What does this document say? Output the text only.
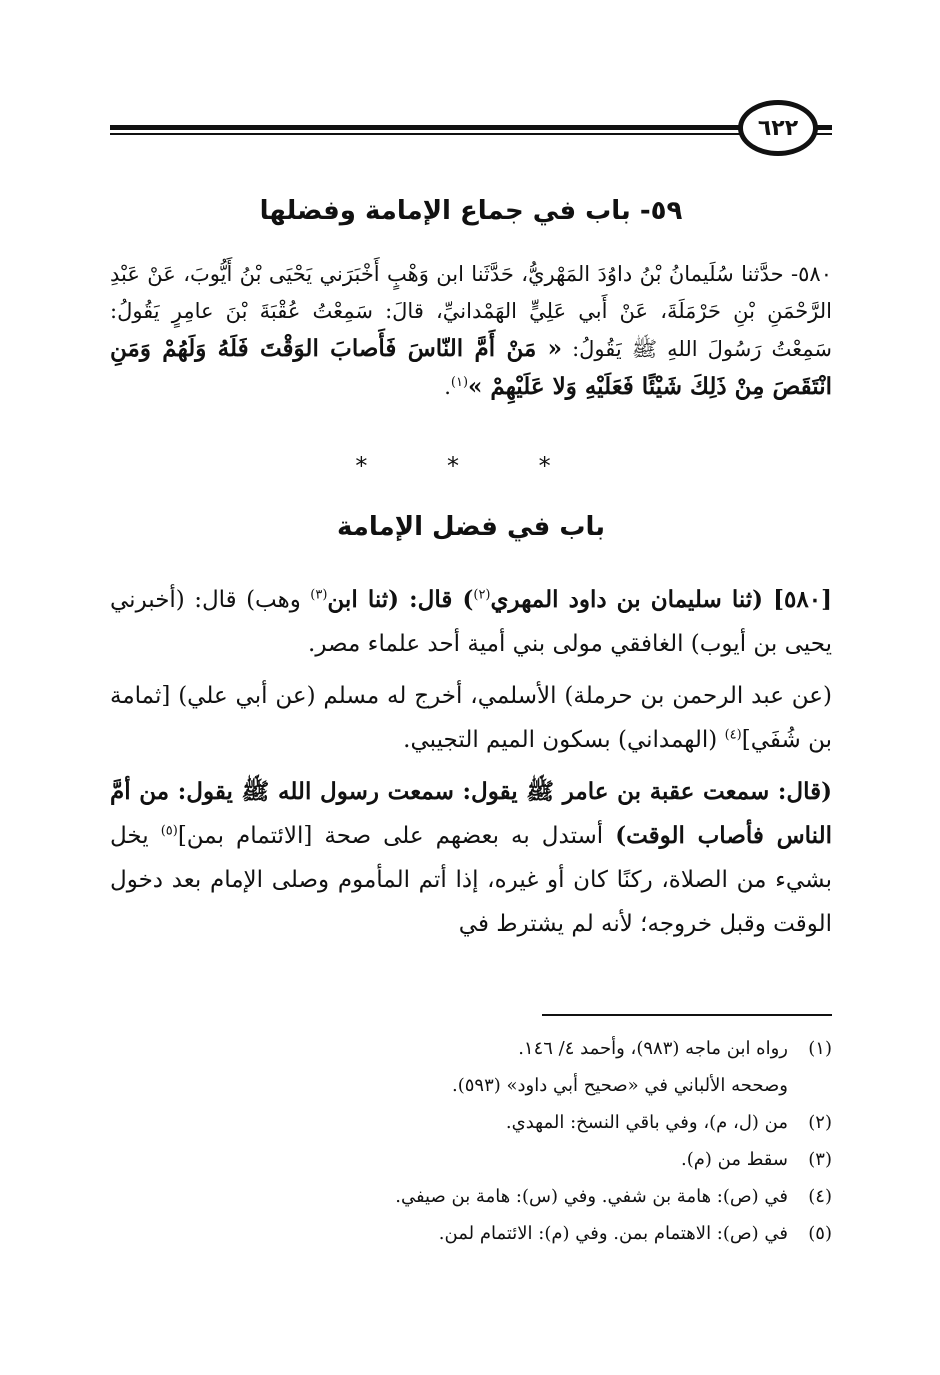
٦٢٢
٥٩- باب في جماع الإمامة وفضلها
٥٨٠- حدَّثنا سُلَيمانُ بْنُ داوُدَ المَهْريُّ، حَدَّثَنا ابن وَهْبٍ أَخْبَرَني يَحْيَى بْنُ أَيُّوبَ، عَنْ عَبْدِ الرَّحْمَنِ بْنِ حَرْمَلَةَ، عَنْ أَبي عَلِيٍّ الهَمْدانيِّ، قالَ: سَمِعْتُ عُقْبَةَ بْنَ عامِرٍ يَقُولُ: سَمِعْتُ رَسُولَ اللهِ ﷺ يَقُولُ: « مَنْ أَمَّ النّاسَ فَأَصابَ الوَقْتَ فَلَهُ وَلَهُمْ وَمَنِ انْتَقَصَ مِنْ ذَلِكَ شَيْئًا فَعَلَيْهِ وَلا عَلَيْهِمْ »$^{(١)}$.
* * *
باب في فضل الإمامة

[٥٨٠] (ثنا سليمان بن داود المهري$^{(٢)}$) قال: (ثنا ابن$^{(٣)}$ وهب) قال: (أخبرني يحيى بن أيوب) الغافقي مولى بني أمية أحد علماء مصر.

(عن عبد الرحمن بن حرملة) الأسلمي، أخرج له مسلم (عن أبي علي) [ثمامة بن شُفَي]$^{(٤)}$ (الهمداني) بسكون الميم التجيبي.

(قال: سمعت عقبة بن عامر ﷺ يقول: سمعت رسول الله ﷺ يقول: من أمَّ الناس فأصاب الوقت) أستدل به بعضهم على صحة [الائتمام بمن]$^{(٥)}$ يخل بشيء من الصلاة، ركنًا كان أو غيره، إذا أتم المأموم وصلى الإمام بعد دخول الوقت وقبل خروجه؛ لأنه لم يشترط في

(١)رواه ابن ماجه (٩٨٣)، وأحمد ٤/ ١٤٦.

وصححه الألباني في «صحيح أبي داود» (٥٩٣).

(٢)من (ل، م)، وفي باقي النسخ: المهدي.

(٣)سقط من (م).

(٤)في (ص): هامة بن شفي. وفي (س): هامة بن صيفي.

(٥)في (ص): الاهتمام بمن. وفي (م): الائتمام لمن.
